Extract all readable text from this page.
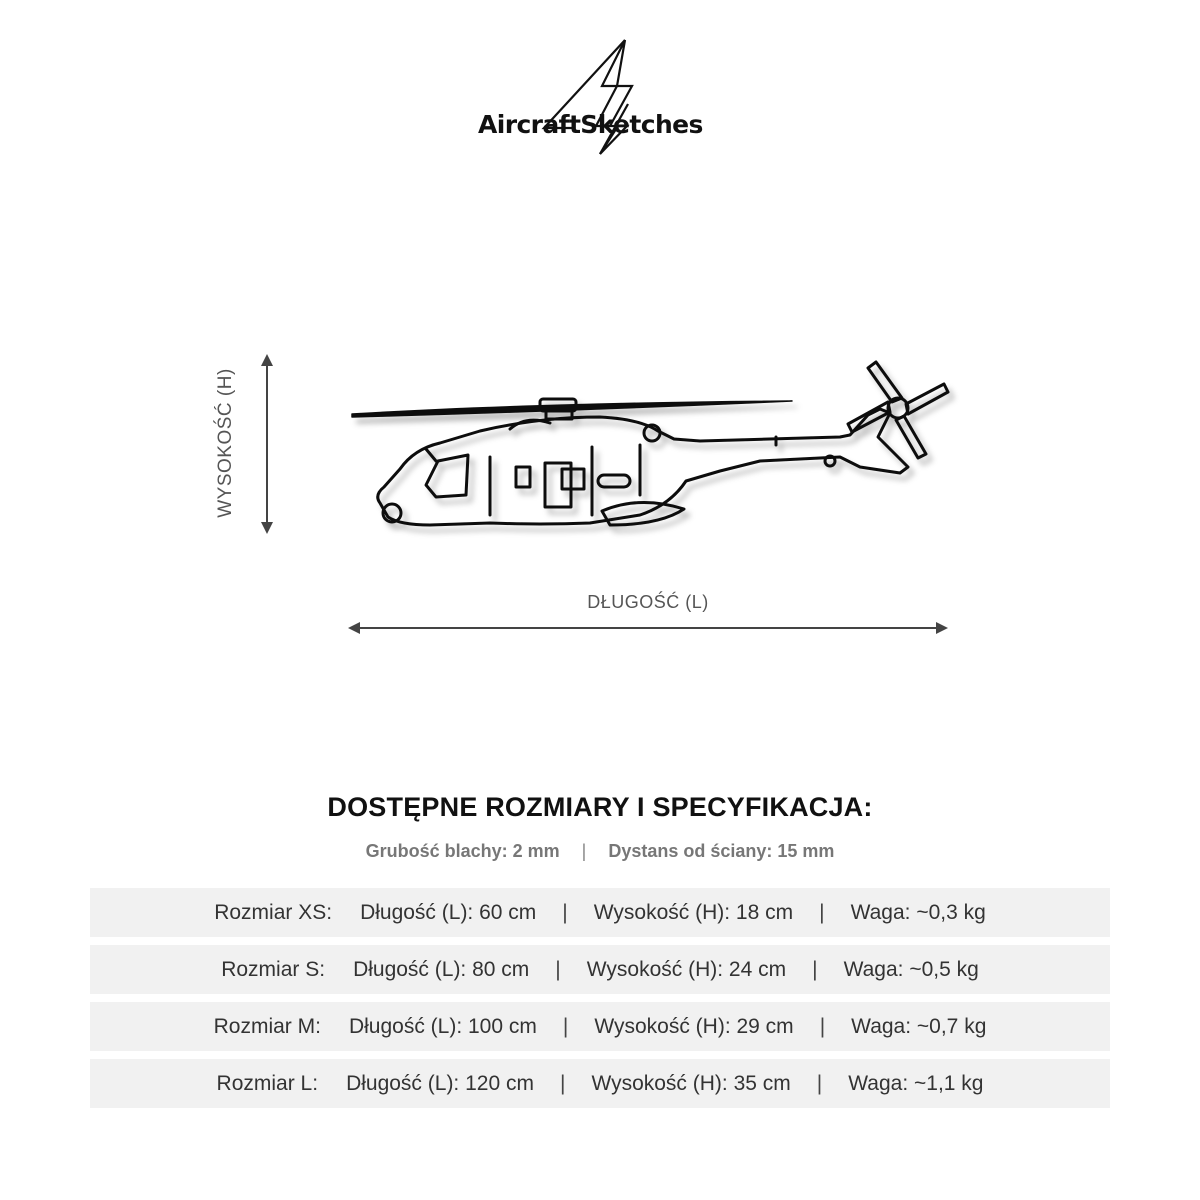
AircraftSketches
WYSOKOŚĆ (H)
DŁUGOŚĆ (L)
DOSTĘPNE ROZMIARY I SPECYFIKACJA:
Grubość blachy: 2 mm | Dystans od ściany: 15 mm
Rozmiar XS: Długość (L): 60 cm | Wysokość (H): 18 cm | Waga: ~0,3 kg
Rozmiar S: Długość (L): 80 cm | Wysokość (H): 24 cm | Waga: ~0,5 kg
Rozmiar M: Długość (L): 100 cm | Wysokość (H): 29 cm | Waga: ~0,7 kg
Rozmiar L: Długość (L): 120 cm | Wysokość (H): 35 cm | Waga: ~1,1 kg
